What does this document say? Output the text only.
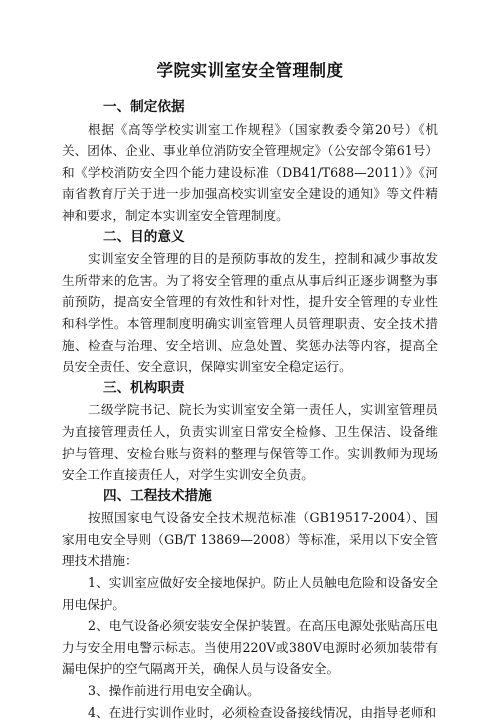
学院实训室安全管理制度
一、制定依据

根据《高等学校实训室工作规程》（国家教委令第20号）《机关、团体、企业、事业单位消防安全管理规定》（公安部令第61号）和《学校消防安全四个能力建设标准（DB41/T688—2011）》《河南省教育厅关于进一步加强高校实训室安全建设的通知》等文件精神和要求，制定本实训室安全管理制度。

二、目的意义

实训室安全管理的目的是预防事故的发生，控制和减少事故发生所带来的危害。为了将安全管理的重点从事后纠正逐步调整为事前预防，提高安全管理的有效性和针对性，提升安全管理的专业性和科学性。本管理制度明确实训室管理人员管理职责、安全技术措施、检查与治理、安全培训、应急处置、奖惩办法等内容，提高全员安全责任、安全意识，保障实训室安全稳定运行。

三、机构职责

二级学院书记、院长为实训室安全第一责任人，实训室管理员为直接管理责任人，负责实训室日常安全检修、卫生保洁、设备维护与管理、安检台账与资料的整理与保管等工作。实训教师为现场安全工作直接责任人，对学生实训安全负责。

四、工程技术措施

按照国家电气设备安全技术规范标准（GB19517-2004）、国家用电安全导则（GB/T 13869—2008）等标准，采用以下安全管理技术措施：

1、实训室应做好安全接地保护。防止人员触电危险和设备安全用电保护。

2、电气设备必须安装安全保护装置。在高压电源处张贴高压电力与安全用电警示标志。当使用220V或380V电源时必须加装带有漏电保护的空气隔离开关，确保人员与设备安全。

3、操作前进行用电安全确认。

4、在进行实训作业时，必须检查设备接线情况，由指导老师和
